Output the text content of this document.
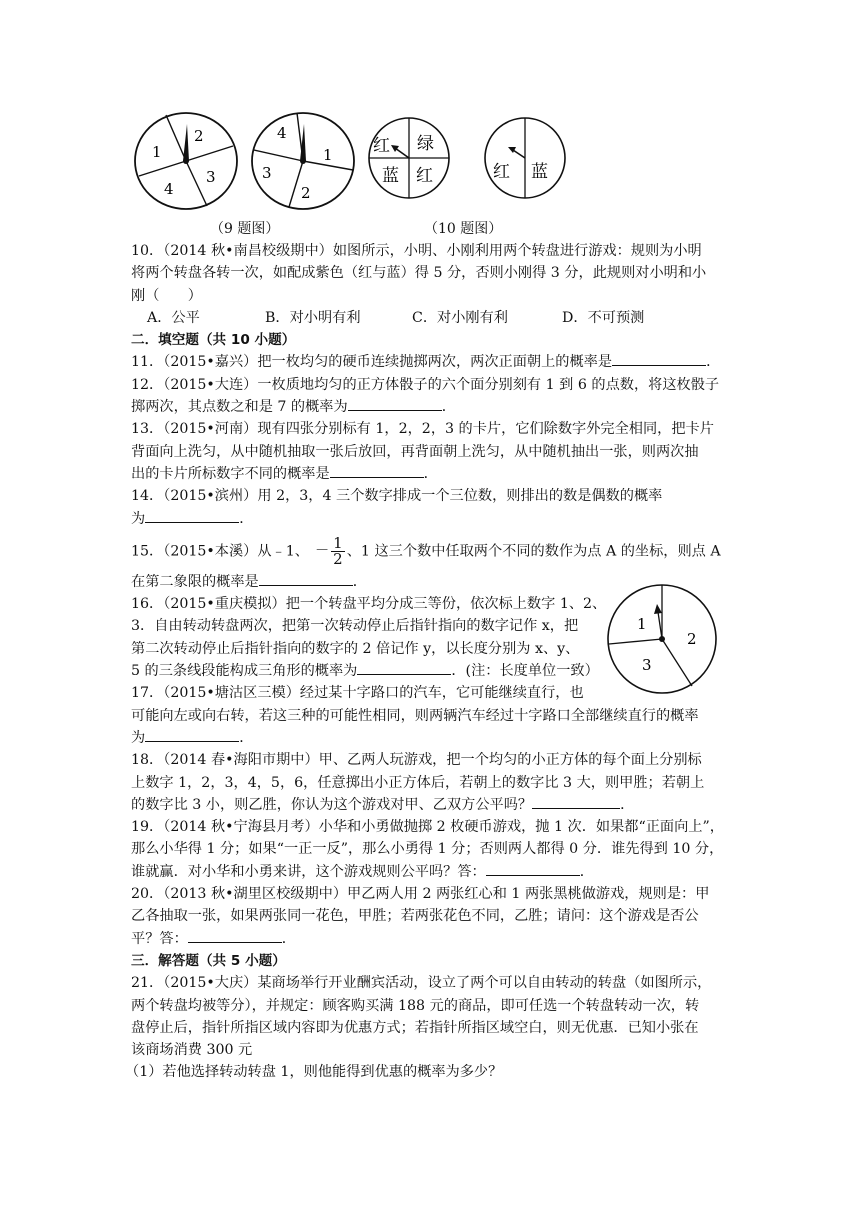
2
1
4
3
4
1
3
2
红 绿
蓝 红	红 蓝
（9 题图）	（10 题图）
1
2
3

10．（2014 秋•南昌校级期中）如图所示，小明、小刚利用两个转盘进行游戏：规则为小明

将两个转盘各转一次，如配成紫色（红与蓝）得 5 分，否则小刚得 3 分，此规则对小明和小

刚（　　）

A．公平	B．对小明有利	C．对小刚有利	D．不可预测

二．填空题（共 10 小题）

11．（2015•嘉兴）把一枚均匀的硬币连续抛掷两次，两次正面朝上的概率是	．

12．（2015•大连）一枚质地均匀的正方体骰子的六个面分别刻有 1 到 6 的点数，将这枚骰子

掷两次，其点数之和是 7 的概率为	．

13．（2015•河南）现有四张分别标有 1，2，2，3 的卡片，它们除数字外完全相同，把卡片

背面向上洗匀，从中随机抽取一张后放回，再背面朝上洗匀，从中随机抽出一张，则两次抽

出的卡片所标数字不同的概率是	．

14．（2015•滨州）用 2，3，4 三个数字排成一个三位数，则排出的数是偶数的概率

为	．

15．（2015•本溪）从﹣1、 － $\frac{1}{2}$ 、1 这三个数中任取两个不同的数作为点 A 的坐标，则点 A

在第二象限的概率是	．

16．（2015•重庆模拟）把一个转盘平均分成三等份，依次标上数字 1、2、

3．自由转动转盘两次，把第一次转动停止后指针指向的数字记作 x，把

第二次转动停止后指针指向的数字的 2 倍记作 y，以长度分别为 x、y、

5 的三条线段能构成三角形的概率为	．(注：长度单位一致）

17．（2015•塘沽区三模）经过某十字路口的汽车，它可能继续直行，也

可能向左或向右转，若这三种的可能性相同，则两辆汽车经过十字路口全部继续直行的概率

为	．

18．（2014 春•海阳市期中）甲、乙两人玩游戏，把一个均匀的小正方体的每个面上分别标

上数字 1，2，3，4，5，6，任意掷出小正方体后，若朝上的数字比 3 大，则甲胜；若朝上

的数字比 3 小，则乙胜，你认为这个游戏对甲、乙双方公平吗？	．

19．（2014 秋•宁海县月考）小华和小勇做抛掷 2 枚硬币游戏，抛 1 次．如果都“正面向上”，

那么小华得 1 分；如果“一正一反”，那么小勇得 1 分；否则两人都得 0 分．谁先得到 10 分，

谁就赢．对小华和小勇来讲，这个游戏规则公平吗？答：	．

20．（2013 秋•湖里区校级期中）甲乙两人用 2 两张红心和 1 两张黑桃做游戏，规则是：甲

乙各抽取一张，如果两张同一花色，甲胜；若两张花色不同，乙胜；请问：这个游戏是否公

平？答：	．

三．解答题（共 5 小题）

21．（2015•大庆）某商场举行开业酬宾活动，设立了两个可以自由转动的转盘（如图所示，

两个转盘均被等分），并规定：顾客购买满 188 元的商品，即可任选一个转盘转动一次，转

盘停止后，指针所指区域内容即为优惠方式；若指针所指区域空白，则无优惠．已知小张在

该商场消费 300 元

（1）若他选择转动转盘 1，则他能得到优惠的概率为多少？
